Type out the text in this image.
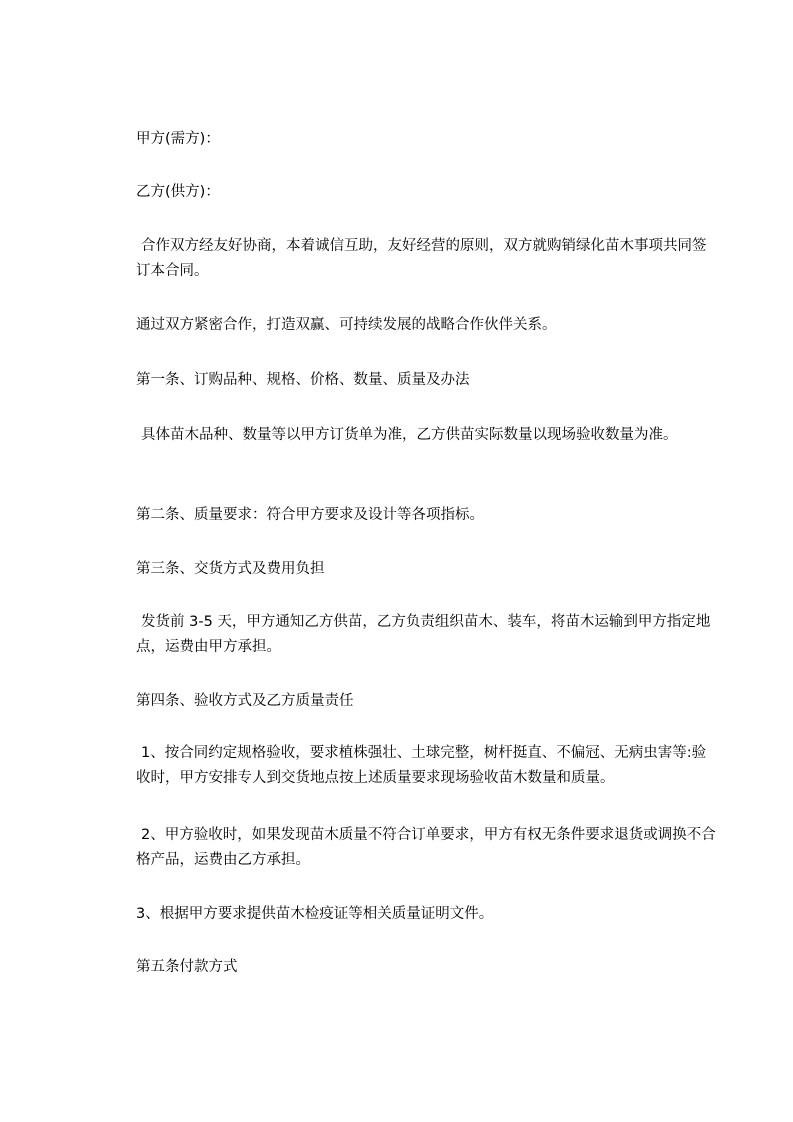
甲方(需方)：

乙方(供方)：

合作双方经友好协商，本着诚信互助，友好经营的原则，双方就购销绿化苗木事项共同签订本合同。

通过双方紧密合作，打造双赢、可持续发展的战略合作伙伴关系。

第一条、订购品种、规格、价格、数量、质量及办法

具体苗木品种、数量等以甲方订货单为准，乙方供苗实际数量以现场验收数量为准。

第二条、质量要求：符合甲方要求及设计等各项指标。

第三条、交货方式及费用负担

发货前 3-5 天，甲方通知乙方供苗，乙方负责组织苗木、装车，将苗木运输到甲方指定地点，运费由甲方承担。

第四条、验收方式及乙方质量责任

1、按合同约定规格验收，要求植株强壮、土球完整，树杆挺直、不偏冠、无病虫害等:验收时，甲方安排专人到交货地点按上述质量要求现场验收苗木数量和质量。

2、甲方验收时，如果发现苗木质量不符合订单要求，甲方有权无条件要求退货或调换不合格产品，运费由乙方承担。

3、根据甲方要求提供苗木检疫证等相关质量证明文件。

第五条付款方式
